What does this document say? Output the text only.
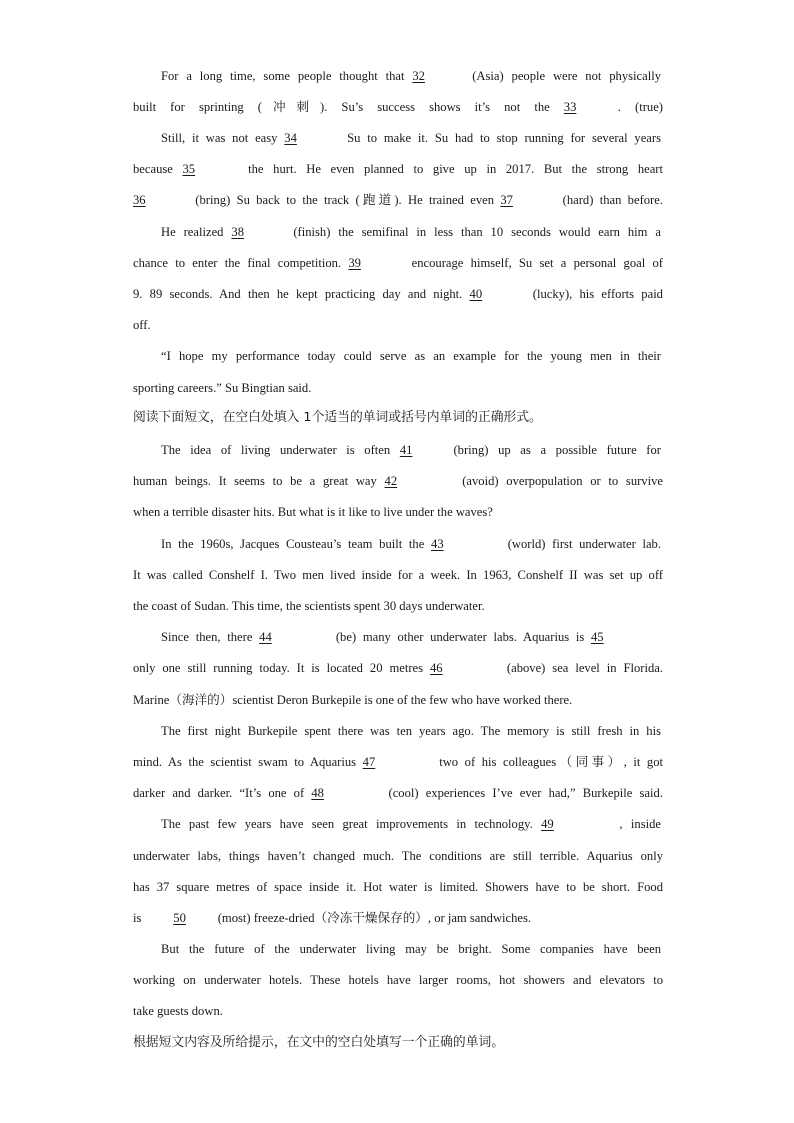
For a long time, some people thought that 32	(Asia) people were not physically
built for sprinting (冲刺). Su’s success shows it’s not the 33	. (true)
Still, it was not easy 34	Su to make it. Su had to stop running for several years
because 35	the hurt. He even planned to give up in 2017. But the strong heart
36	(bring) Su back to the track (跑道). He trained even 37	(hard) than before.
He realized 38	(finish) the semifinal in less than 10 seconds would earn him a
chance to enter the final competition. 39	encourage himself, Su set a personal goal of
9. 89 seconds. And then he kept practicing day and night. 40	(lucky), his efforts paid
off.
“I hope my performance today could serve as an example for the young men in their
sporting careers.” Su Bingtian said.
阅读下面短文，在空白处填入 1个适当的单词或括号内单词的正确形式。
The idea of living underwater is often 41 (bring) up as a possible future for
human beings. It seems to be a great way 42	(avoid) overpopulation or to survive
when a terrible disaster hits. But what is it like to live under the waves?
In the 1960s, Jacques Cousteau’s team built the 43	(world) first underwater lab.
It was called Conshelf I. Two men lived inside for a week. In 1963, Conshelf II was set up off
the coast of Sudan. This time, the scientists spent 30 days underwater.
Since then, there 44	(be) many other underwater labs. Aquarius is 45
only one still running today. It is located 20 metres 46	(above) sea level in Florida.
Marine（海洋的）scientist Deron Burkepile is one of the few who have worked there.
The first night Burkepile spent there was ten years ago. The memory is still fresh in his
mind. As the scientist swam to Aquarius 47	two of his colleagues（同事）, it got
darker and darker. “It’s one of 48	(cool) experiences I’ve ever had,” Burkepile said.
The past few years have seen great improvements in technology. 49	, inside
underwater labs, things haven’t changed much. The conditions are still terrible. Aquarius only
has 37 square metres of space inside it. Hot water is limited. Showers have to be short. Food
is 50 (most) freeze-dried（冷冻干燥保存的）, or jam sandwiches.
But the future of the underwater living may be bright. Some companies have been
working on underwater hotels. These hotels have larger rooms, hot showers and elevators to
take guests down.
根据短文内容及所给提示，在文中的空白处填写一个正确的单词。
